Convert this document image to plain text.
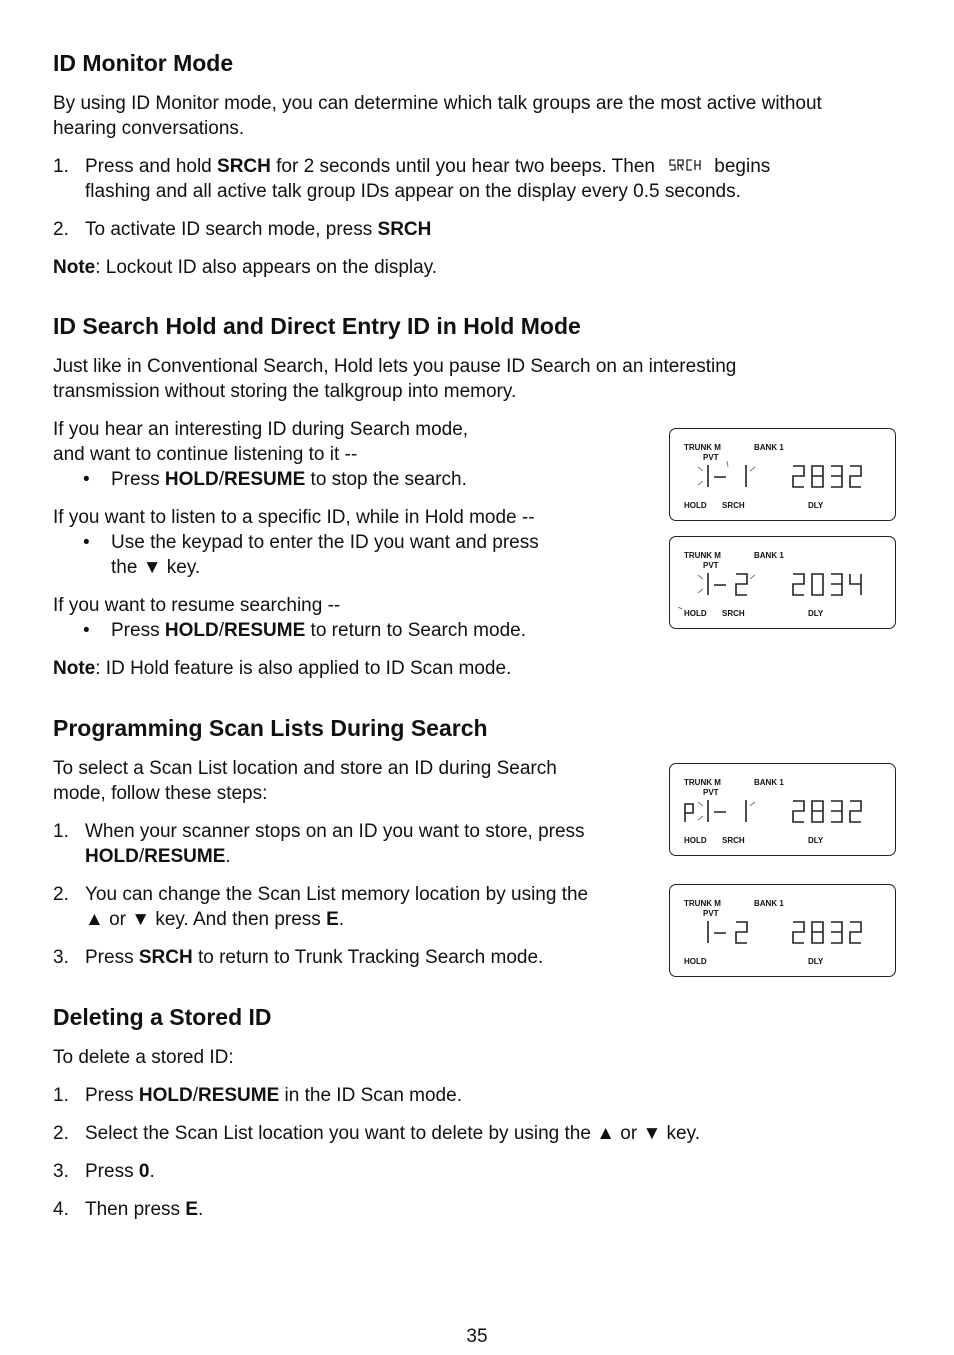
ID Monitor Mode
By using ID Monitor mode, you can determine which talk groups are the most active without
hearing conversations.
1. Press and hold SRCH for 2 seconds until you hear two beeps. Then	begins
flashing and all active talk group IDs appear on the display every 0.5 seconds.
2. To activate ID search mode, press SRCH
Note: Lockout ID also appears on the display.
ID Search Hold and Direct Entry ID in Hold Mode
Just like in Conventional Search, Hold lets you pause ID Search on an interesting
transmission without storing the talkgroup into memory.
If you hear an interesting ID during Search mode,
and want to continue listening to it --
• Press HOLD/RESUME to stop the search.
If you want to listen to a specific ID, while in Hold mode --
• Use the keypad to enter the ID you want and press
the ▼ key.
If you want to resume searching --
• Press HOLD/RESUME to return to Search mode.
Note: ID Hold feature is also applied to ID Scan mode.
Programming Scan Lists During Search
To select a Scan List location and store an ID during Search
mode, follow these steps:
1. When your scanner stops on an ID you want to store, press
HOLD/RESUME.
2. You can change the Scan List memory location by using the
▲ or ▼ key. And then press E.
3. Press SRCH to return to Trunk Tracking Search mode.
Deleting a Stored ID
To delete a stored ID:
1. Press HOLD/RESUME in the ID Scan mode.
2. Select the Scan List location you want to delete by using the ▲ or ▼ key.
3. Press 0.
4. Then press E.
TRUNK M	BANK 1
PVT
HOLD SRCH	DLY
TRUNK M	BANK 1
PVT
HOLD SRCH	DLY
TRUNK M	BANK 1
PVT
HOLD SRCH	DLY
TRUNK M	BANK 1
PVT
HOLD	DLY
35
